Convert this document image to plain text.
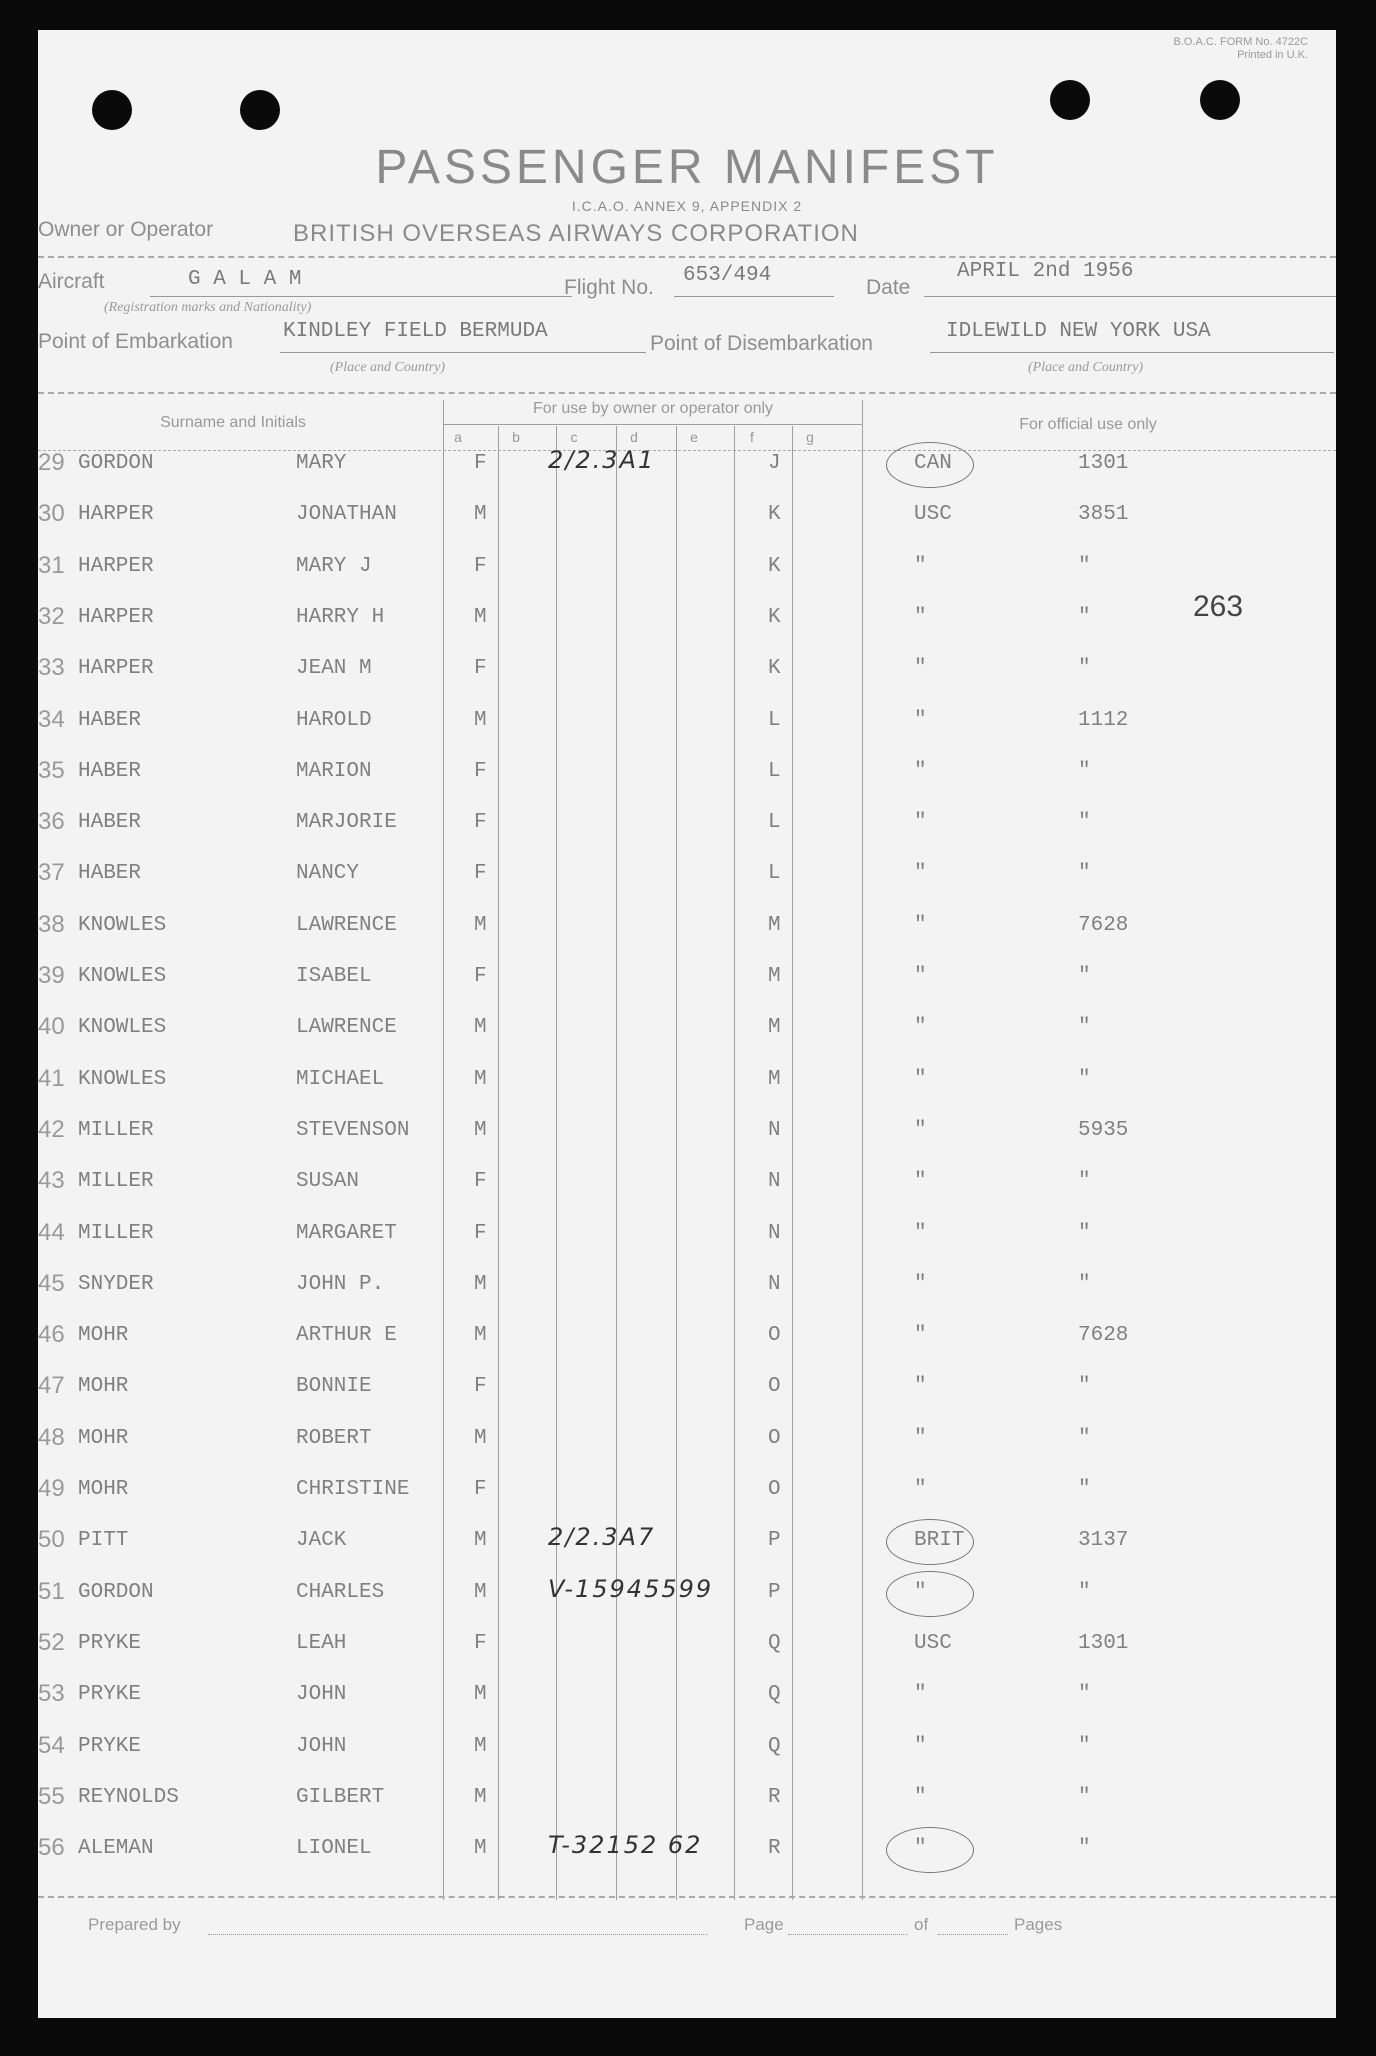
B.O.A.C. FORM No. 4722C
Printed in U.K.
PASSENGER MANIFEST
I.C.A.O. ANNEX 9, APPENDIX 2
Owner or Operator	BRITISH OVERSEAS AIRWAYS CORPORATION
Aircraft	G A L A M
(Registration marks and Nationality)
Flight No.
653/494
Date
APRIL 2nd 1956
Point of Embarkation KINDLEY FIELD BERMUDA
(Place and Country)
Point of Disembarkation
IDLEWILD NEW YORK USA
(Place and Country)
Surname and Initials
For use by owner or operator only
For official use only
a	b	c	d	e	f	g
29 GORDON	MARY	F	2/2.3A1	J	CAN	1301
30 HARPER	JONATHAN	M	K	USC	3851
31 HARPER	MARY J	F	K	"	"
32 HARPER	HARRY H	M	K	"	"
33 HARPER	JEAN M	F	K	"	"
34 HABER	HAROLD	M	L	"	1112
35 HABER	MARION	F	L	"	"
36 HABER	MARJORIE	F	L	"	"
37 HABER	NANCY	F	L	"	"
38 KNOWLES	LAWRENCE	M	M	"	7628
39 KNOWLES	ISABEL	F	M	"	"
40 KNOWLES	LAWRENCE	M	M	"	"
41 KNOWLES	MICHAEL	M	M	"	"
42 MILLER	STEVENSON	M	N	"	5935
43 MILLER	SUSAN	F	N	"	"
44 MILLER	MARGARET	F	N	"	"
45 SNYDER	JOHN P.	M	N	"	"
46 MOHR	ARTHUR E	M	O	"	7628
47 MOHR	BONNIE	F	O	"	"
48 MOHR	ROBERT	M	O	"	"
49 MOHR	CHRISTINE	F	O	"	"
50 PITT	JACK	M	2/2.3A7	P	BRIT	3137
51 GORDON	CHARLES	M	V-15945599	P	"	"
52 PRYKE	LEAH	F	Q	USC	1301
53 PRYKE	JOHN	M	Q	"	"
54 PRYKE	JOHN	M	Q	"	"
55 REYNOLDS	GILBERT	M	R	"	"
56 ALEMAN	LIONEL	M	T-32152 62	R	"	"
263
Prepared by	Page	of	Pages
